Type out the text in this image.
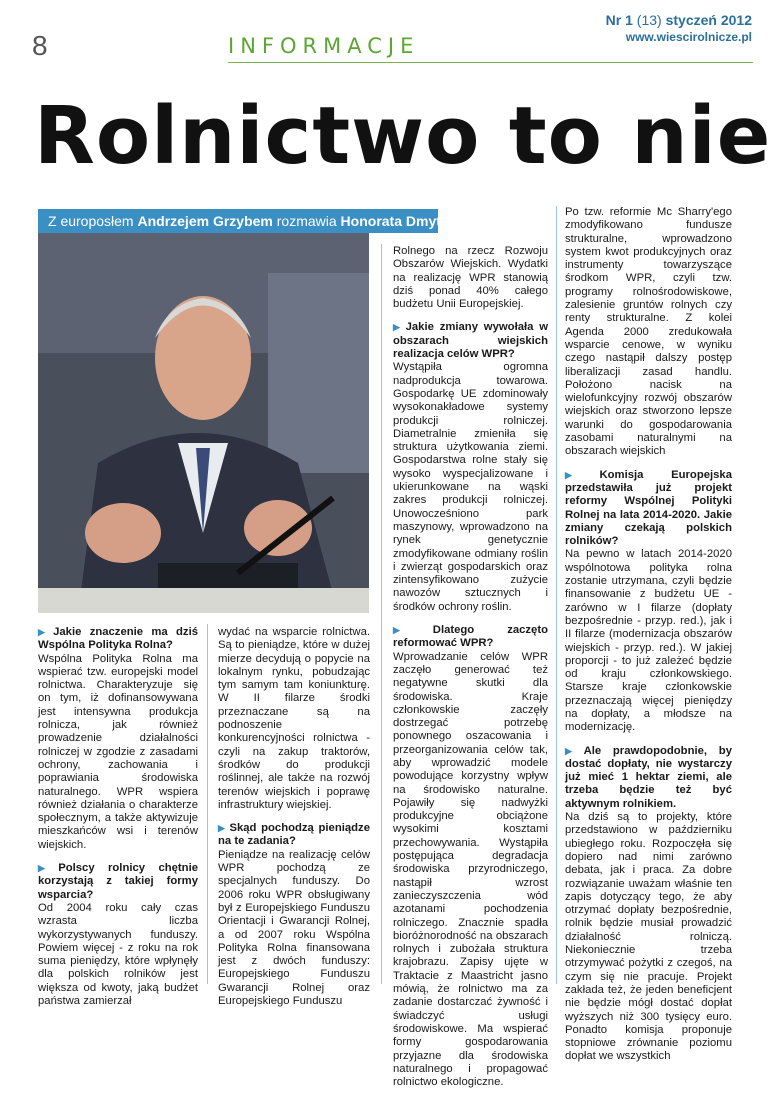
8	INFORMACJE
Nr 1 (13) styczeń 2012
www.wiescirolnicze.pl
Rolnictwo to nie
Z europosłem Andrzejem Grzybem rozmawia Honorata Dmyterko

▶ Jakie znaczenie ma dziś Wspólna Polityka Rolna?
Wspólna Polityka Rolna ma wspierać tzw. europejski model rolnictwa. Charakteryzuje się on tym, iż dofinansowywana jest intensywna produkcja rolnicza, jak również prowadzenie działalności rolniczej w zgodzie z zasadami ochrony, zachowania i poprawiania środowiska naturalnego. WPR wspiera również działania o charakterze społecznym, a także aktywizuje mieszkańców wsi i terenów wiejskich.

▶ Polscy rolnicy chętnie korzystają z takiej formy wsparcia?
Od 2004 roku cały czas wzrasta liczba wykorzystywanych funduszy. Powiem więcej - z roku na rok suma pieniędzy, które wpłynęły dla polskich rolników jest większa od kwoty, jaką budżet państwa zamierzał

wydać na wsparcie rolnictwa. Są to pieniądze, które w dużej mierze decydują o popycie na lokalnym rynku, pobudzając tym samym tam koniunkturę. W II filarze środki przeznaczane są na podnoszenie konkurencyjności rolnictwa - czyli na zakup traktorów, środków do produkcji roślinnej, ale także na rozwój terenów wiejskich i poprawę infrastruktury wiejskiej.

▶ Skąd pochodzą pieniądze na te zadania?
Pieniądze na realizację celów WPR pochodzą ze specjalnych funduszy. Do 2006 roku WPR obsługiwany był z Europejskiego Funduszu Orientacji i Gwarancji Rolnej, a od 2007 roku Wspólna Polityka Rolna finansowana jest z dwóch funduszy: Europejskiego Funduszu Gwarancji Rolnej oraz Europejskiego Funduszu

Rolnego na rzecz Rozwoju Obszarów Wiejskich. Wydatki na realizację WPR stanowią dziś ponad 40% całego budżetu Unii Europejskiej.

▶ Jakie zmiany wywołała w obszarach wiejskich realizacja celów WPR?
Wystąpiła ogromna nadprodukcja towarowa. Gospodarkę UE zdominowały wysokonakładowe systemy produkcji rolniczej. Diametralnie zmieniła się struktura użytkowania ziemi. Gospodarstwa rolne stały się wysoko wyspecjalizowane i ukierunkowane na wąski zakres produkcji rolniczej. Unowocześniono park maszynowy, wprowadzono na rynek genetycznie zmodyfikowane odmiany roślin i zwierząt gospodarskich oraz zintensyfikowano zużycie nawozów sztucznych i środków ochrony roślin.

▶ Dlatego zaczęto reformować WPR?
Wprowadzanie celów WPR zaczęło generować też negatywne skutki dla środowiska. Kraje członkowskie zaczęły dostrzegać potrzebę ponownego oszacowania i przeorganizowania celów tak, aby wprowadzić modele powodujące korzystny wpływ na środowisko naturalne. Pojawiły się nadwyżki produkcyjne obciążone wysokimi kosztami przechowywania. Wystąpiła postępująca degradacja środowiska przyrodniczego, nastąpił wzrost zanieczyszczenia wód azotanami pochodzenia rolniczego. Znacznie spadła bioróżnorodność na obszarach rolnych i zubożała struktura krajobrazu. Zapisy ujęte w Traktacie z Maastricht jasno mówią, że rolnictwo ma za zadanie dostarczać żywność i świadczyć usługi środowiskowe. Ma wspierać formy gospodarowania przyjazne dla środowiska naturalnego i propagować rolnictwo ekologiczne.

Po tzw. reformie Mc Sharry'ego zmodyfikowano fundusze strukturalne, wprowadzono system kwot produkcyjnych oraz instrumenty towarzyszące środkom WPR, czyli tzw. programy rolnośrodowiskowe, zalesienie gruntów rolnych czy renty strukturalne. Z kolei Agenda 2000 zredukowała wsparcie cenowe, w wyniku czego nastąpił dalszy postęp liberalizacji zasad handlu. Położono nacisk na wielofunkcyjny rozwój obszarów wiejskich oraz stworzono lepsze warunki do gospodarowania zasobami naturalnymi na obszarach wiejskich

▶ Komisja Europejska przedstawiła już projekt reformy Wspólnej Polityki Rolnej na lata 2014-2020. Jakie zmiany czekają polskich rolników?
Na pewno w latach 2014-2020 wspólnotowa polityka rolna zostanie utrzymana, czyli będzie finansowanie z budżetu UE - zarówno w I filarze (dopłaty bezpośrednie - przyp. red.), jak i II filarze (modernizacja obszarów wiejskich - przyp. red.). W jakiej proporcji - to już zależeć będzie od kraju członkowskiego. Starsze kraje członkowskie przeznaczają więcej pieniędzy na dopłaty, a młodsze na modernizację.

▶ Ale prawdopodobnie, by dostać dopłaty, nie wystarczy już mieć 1 hektar ziemi, ale trzeba będzie też być aktywnym rolnikiem.
Na dziś są to projekty, które przedstawiono w październiku ubiegłego roku. Rozpoczęła się dopiero nad nimi zarówno debata, jak i praca. Za dobre rozwiązanie uważam właśnie ten zapis dotyczący tego, że aby otrzymać dopłaty bezpośrednie, rolnik będzie musiał prowadzić działalność rolniczą. Niekoniecznie trzeba otrzymywać pożytki z czegoś, na czym się nie pracuje. Projekt zakłada też, że jeden beneficjent nie będzie mógł dostać dopłat wyższych niż 300 tysięcy euro. Ponadto komisja proponuje stopniowe zrównanie poziomu dopłat we wszystkich
